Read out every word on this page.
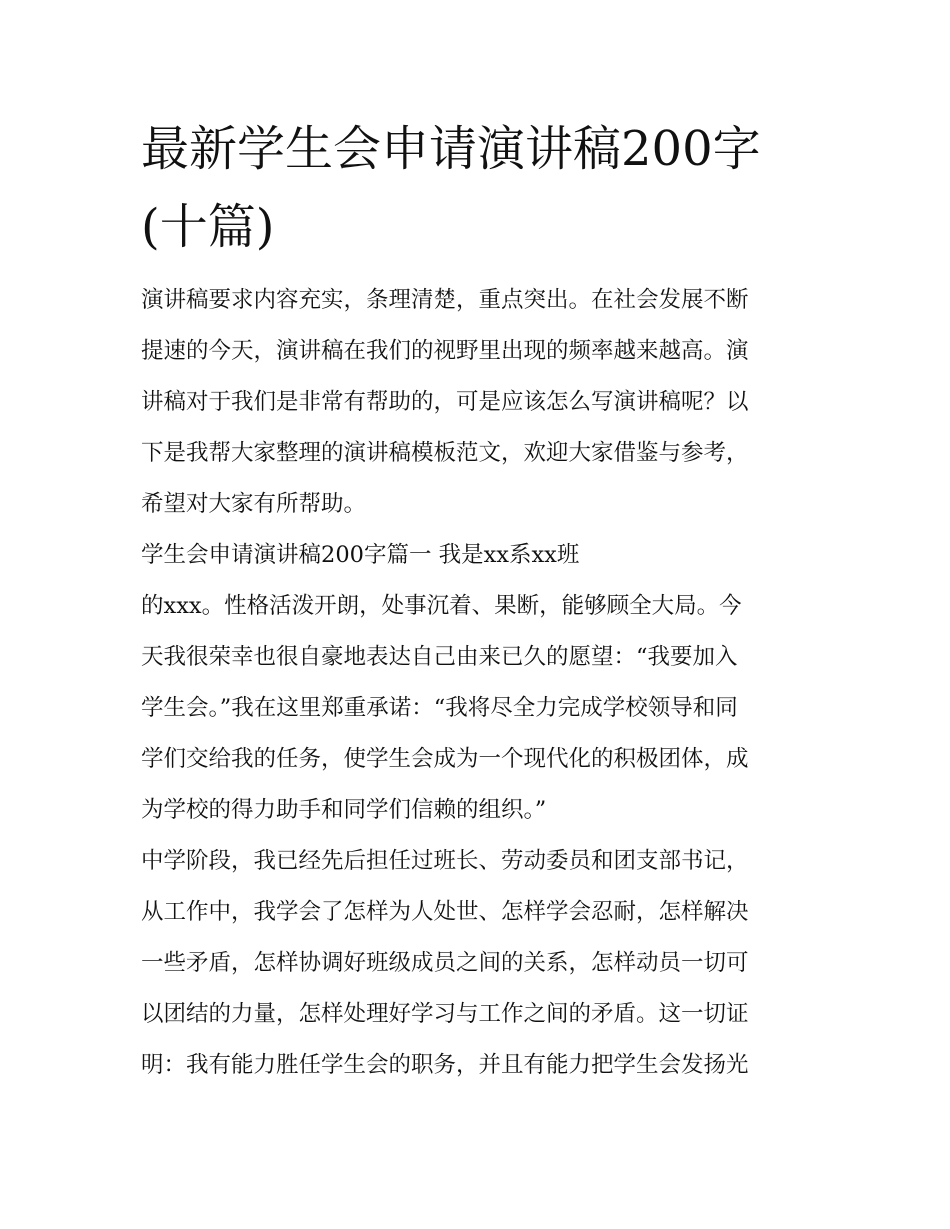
最新学生会申请演讲稿200字
(十篇)

演讲稿要求内容充实，条理清楚，重点突出。在社会发展不断
提速的今天，演讲稿在我们的视野里出现的频率越来越高。演
讲稿对于我们是非常有帮助的，可是应该怎么写演讲稿呢？以
下是我帮大家整理的演讲稿模板范文，欢迎大家借鉴与参考，
希望对大家有所帮助。

学生会申请演讲稿200字篇一 我是xx系xx班

的xxx。性格活泼开朗，处事沉着、果断，能够顾全大局。今
天我很荣幸也很自豪地表达自己由来已久的愿望：“我要加入
学生会。”我在这里郑重承诺：“我将尽全力完成学校领导和同
学们交给我的任务，使学生会成为一个现代化的积极团体，成
为学校的得力助手和同学们信赖的组织。”

中学阶段，我已经先后担任过班长、劳动委员和团支部书记，
从工作中，我学会了怎样为人处世、怎样学会忍耐，怎样解决
一些矛盾，怎样协调好班级成员之间的关系，怎样动员一切可
以团结的力量，怎样处理好学习与工作之间的矛盾。这一切证
明：我有能力胜任学生会的职务，并且有能力把学生会发扬光
